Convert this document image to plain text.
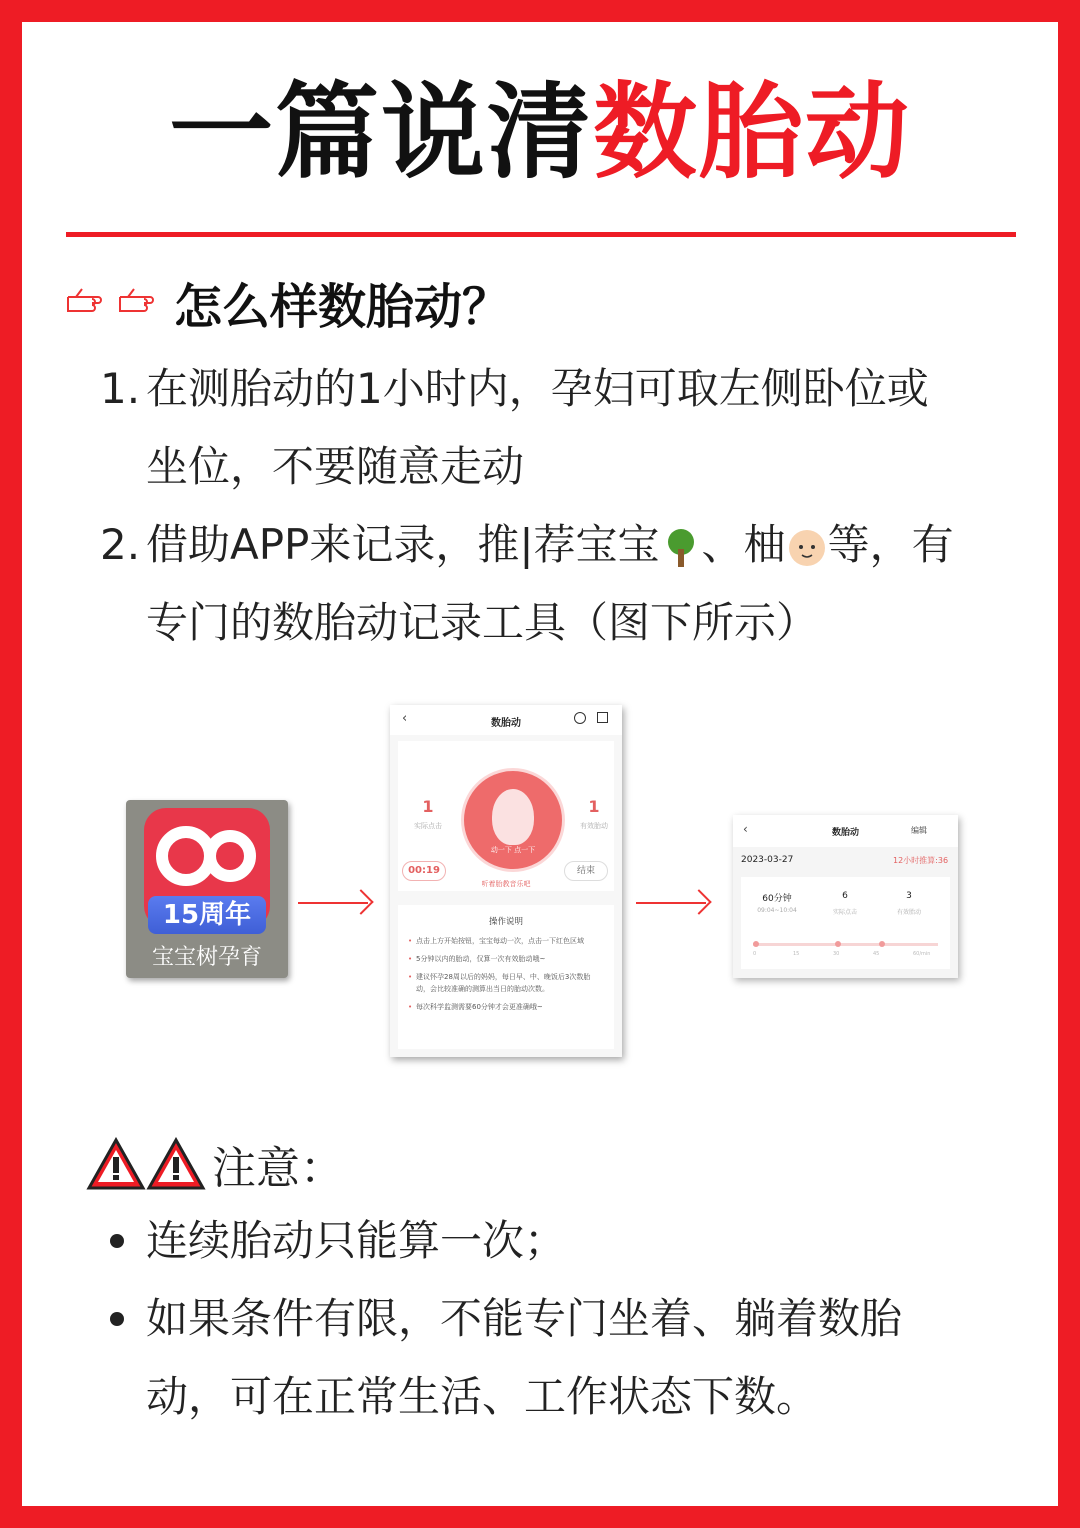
一篇说清数胎动
怎么样数胎动？
1. 在测胎动的1小时内，孕妇可取左侧卧位或
坐位，不要随意走动
2. 借助APP来记录，推|荐宝宝 、柚 等，有
专门的数胎动记录工具（图下所示）
15周年
宝宝树孕育
‹	数胎动
1
实际点击
动一下 点一下
1
有效胎动
00:19	结束
听着胎教音乐吧
操作说明
• 点击上方开始按钮，宝宝每动一次，点击一下红色区域
• 5分钟以内的胎动，仅算一次有效胎动哦~
• 建议怀孕28周以后的妈妈，每日早、中、晚饭后3次数胎动，会比较准确的测算出当日的胎动次数。
• 每次科学监测需要60分钟才会更准确哦~
‹	数胎动	编辑
2023-03-27	12小时推算:36
60分钟
09:04~10:04
6
实际点击
3
有效胎动
0	15	30	45	60/min
注意：
连续胎动只能算一次；
如果条件有限，不能专门坐着、躺着数胎
动，可在正常生活、工作状态下数。
